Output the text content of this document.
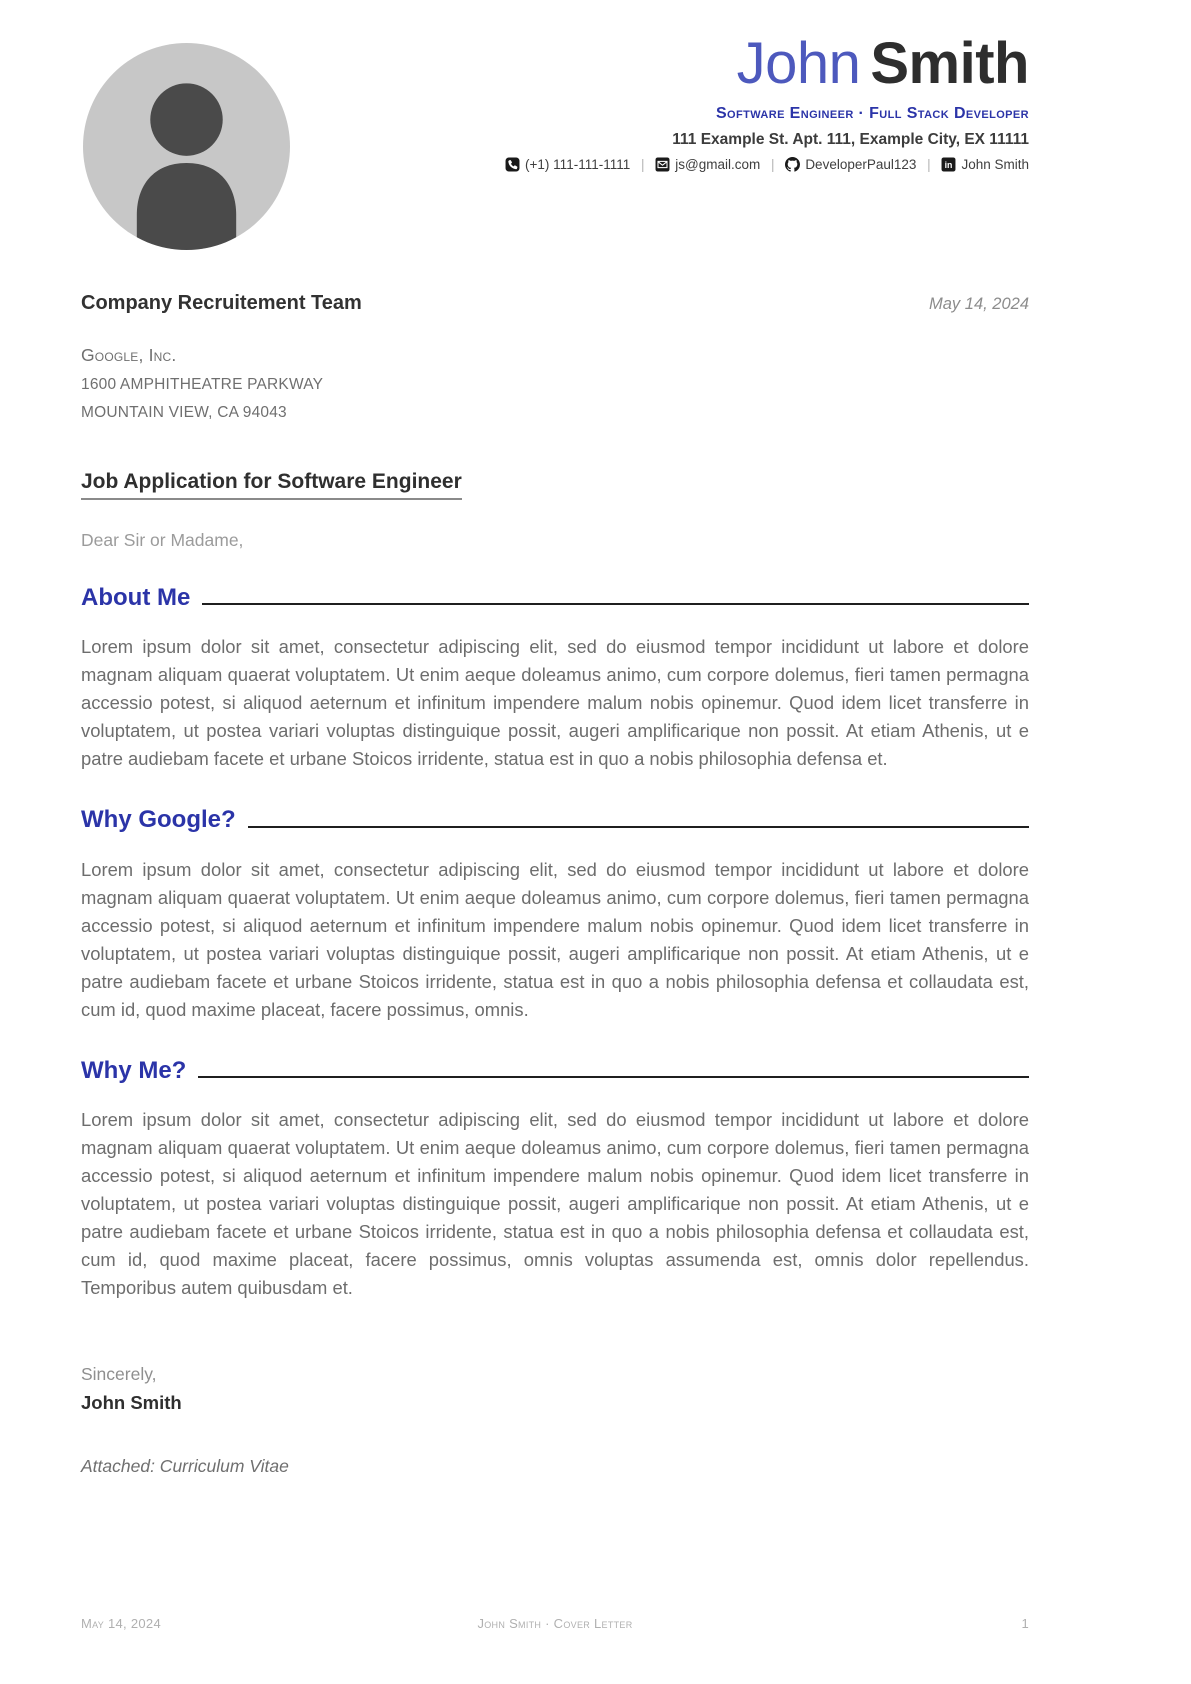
John Smith
Software Engineer · Full Stack Developer
111 Example St. Apt. 111, Example City, EX 11111
(+1) 111-111-1111 | js@gmail.com | DeveloperPaul123 | in John Smith
Company Recruitement Team	May 14, 2024
Google, Inc.
1600 AMPHITHEATRE PARKWAY
MOUNTAIN VIEW, CA 94043
Job Application for Software Engineer
Dear Sir or Madame,
About Me

Lorem ipsum dolor sit amet, consectetur adipiscing elit, sed do eiusmod tempor incididunt ut labore et dolore magnam aliquam quaerat voluptatem. Ut enim aeque doleamus animo, cum corpore dolemus, fieri tamen permagna accessio potest, si aliquod aeternum et infinitum impendere malum nobis opinemur. Quod idem licet transferre in voluptatem, ut postea variari voluptas distinguique possit, augeri amplificarique non possit. At etiam Athenis, ut e patre audiebam facete et urbane Stoicos irridente, statua est in quo a nobis philosophia defensa et.

Why Google?

Lorem ipsum dolor sit amet, consectetur adipiscing elit, sed do eiusmod tempor incididunt ut labore et dolore magnam aliquam quaerat voluptatem. Ut enim aeque doleamus animo, cum corpore dolemus, fieri tamen permagna accessio potest, si aliquod aeternum et infinitum impendere malum nobis opinemur. Quod idem licet transferre in voluptatem, ut postea variari voluptas distinguique possit, augeri amplificarique non possit. At etiam Athenis, ut e patre audiebam facete et urbane Stoicos irridente, statua est in quo a nobis philosophia defensa et collaudata est, cum id, quod maxime placeat, facere possimus, omnis.

Why Me?

Lorem ipsum dolor sit amet, consectetur adipiscing elit, sed do eiusmod tempor incididunt ut labore et dolore magnam aliquam quaerat voluptatem. Ut enim aeque doleamus animo, cum corpore dolemus, fieri tamen permagna accessio potest, si aliquod aeternum et infinitum impendere malum nobis opinemur. Quod idem licet transferre in voluptatem, ut postea variari voluptas distinguique possit, augeri amplificarique non possit. At etiam Athenis, ut e patre audiebam facete et urbane Stoicos irridente, statua est in quo a nobis philosophia defensa et collaudata est, cum id, quod maxime placeat, facere possimus, omnis voluptas assumenda est, omnis dolor repellendus. Temporibus autem quibusdam et.

Sincerely,
John Smith
Attached: Curriculum Vitae
May 14, 2024	John Smith · Cover Letter	1
